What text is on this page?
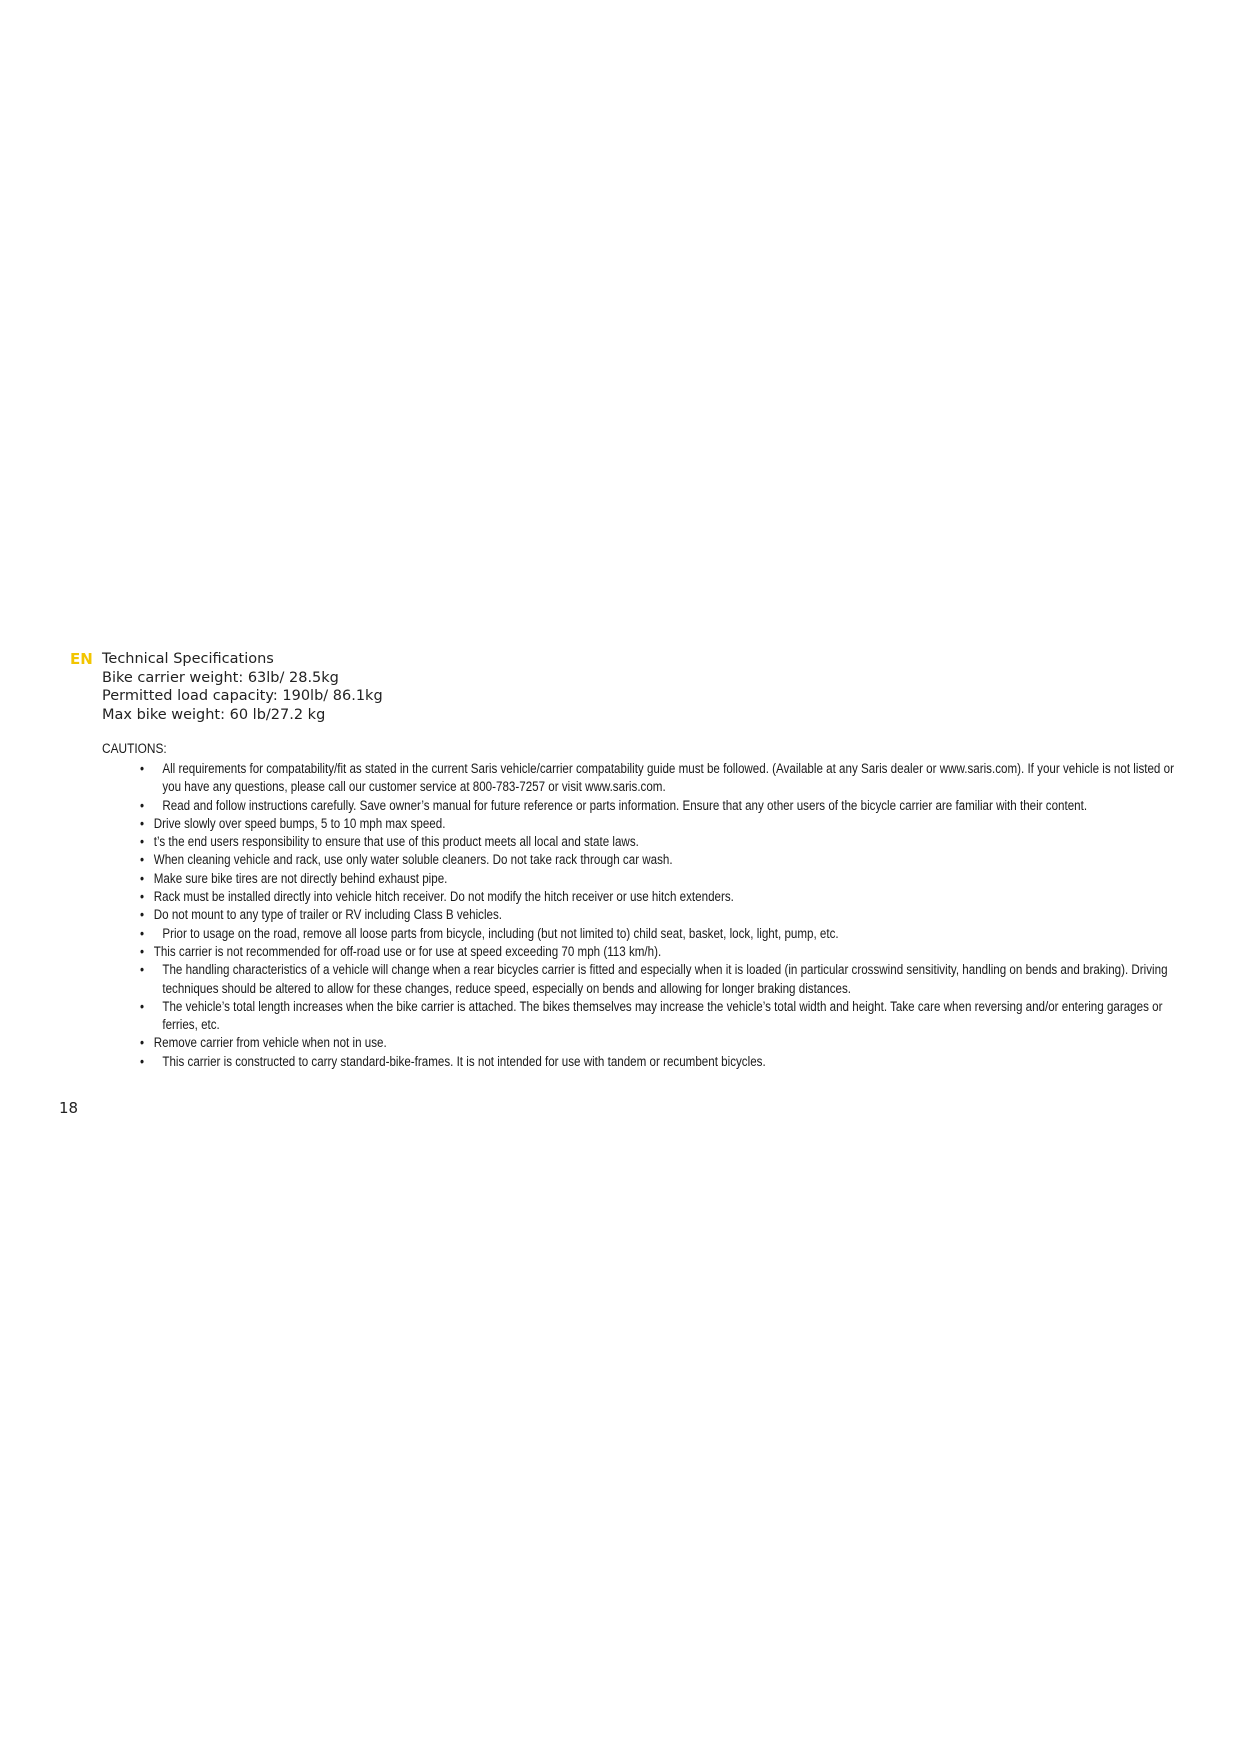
EN Technical Specifications
Bike carrier weight: 63lb/ 28.5kg
Permitted load capacity: 190lb/ 86.1kg
Max bike weight: 60 lb/27.2 kg
CAUTIONS:
• All requirements for compatability/fit as stated in the current Saris vehicle/carrier compatability guide must be followed. (Available at any Saris dealer or www.saris.com). If your vehicle is not listed or you have any questions, please call our customer service at 800-783-7257 or visit www.saris.com.
• Read and follow instructions carefully. Save owner’s manual for future reference or parts information. Ensure that any other users of the bicycle carrier are familiar with their content.
• Drive slowly over speed bumps, 5 to 10 mph max speed.
• t’s the end users responsibility to ensure that use of this product meets all local and state laws.
• When cleaning vehicle and rack, use only water soluble cleaners. Do not take rack through car wash.
• Make sure bike tires are not directly behind exhaust pipe.
• Rack must be installed directly into vehicle hitch receiver. Do not modify the hitch receiver or use hitch extenders.
• Do not mount to any type of trailer or RV including Class B vehicles.
• Prior to usage on the road, remove all loose parts from bicycle, including (but not limited to) child seat, basket, lock, light, pump, etc.
• This carrier is not recommended for off-road use or for use at speed exceeding 70 mph (113 km/h).
• The handling characteristics of a vehicle will change when a rear bicycles carrier is fitted and especially when it is loaded (in particular crosswind sensitivity, handling on bends and braking). Driving techniques should be altered to allow for these changes, reduce speed, especially on bends and allowing for longer braking distances.
• The vehicle’s total length increases when the bike carrier is attached. The bikes themselves may increase the vehicle’s total width and height. Take care when reversing and/or entering garages or ferries, etc.
• Remove carrier from vehicle when not in use.
• This carrier is constructed to carry standard-bike-frames. It is not intended for use with tandem or recumbent bicycles.
18
